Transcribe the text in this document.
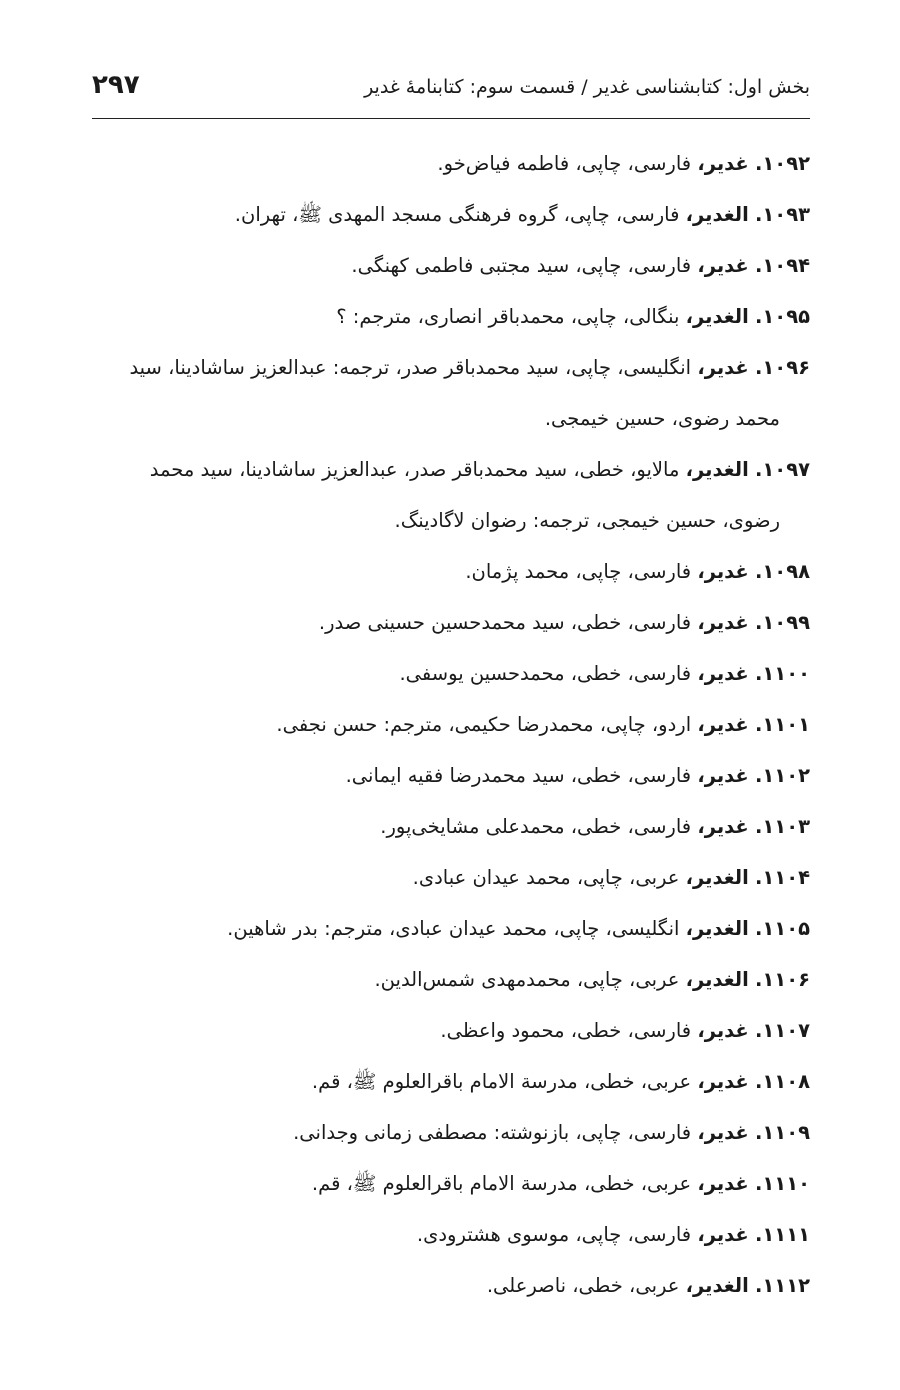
بخش اول: کتابشناسی غدیر / قسمت سوم: کتابنامهٔ غدیر
۲۹۷
۱۰۹۲. غدیر، فارسی، چاپی، فاطمه فیاض‌خو.
۱۰۹۳. الغدیر، فارسی، چاپی، گروه فرهنگی مسجد المهدی ﷺ، تهران.
۱۰۹۴. غدیر، فارسی، چاپی، سید مجتبی فاطمی کهنگی.
۱۰۹۵. الغدیر، بنگالی، چاپی، محمدباقر انصاری، مترجم: ؟
۱۰۹۶. غدیر، انگلیسی، چاپی، سید محمدباقر صدر، ترجمه: عبدالعزیز ساشادینا، سید محمد رضوی، حسین خیمجی.
۱۰۹۷. الغدیر، مالایو، خطی، سید محمدباقر صدر، عبدالعزیز ساشادینا، سید محمد رضوی، حسین خیمجی، ترجمه: رضوان لاگادینگ.
۱۰۹۸. غدیر، فارسی، چاپی، محمد پژمان.
۱۰۹۹. غدیر، فارسی، خطی، سید محمدحسین حسینی صدر.
۱۱۰۰. غدیر، فارسی، خطی، محمدحسین یوسفی.
۱۱۰۱. غدیر، اردو، چاپی، محمدرضا حکیمی، مترجم: حسن نجفی.
۱۱۰۲. غدیر، فارسی، خطی، سید محمدرضا فقیه ایمانی.
۱۱۰۳. غدیر، فارسی، خطی، محمدعلی مشایخی‌پور.
۱۱۰۴. الغدیر، عربی، چاپی، محمد عیدان عبادی.
۱۱۰۵. الغدیر، انگلیسی، چاپی، محمد عیدان عبادی، مترجم: بدر شاهین.
۱۱۰۶. الغدیر، عربی، چاپی، محمدمهدی شمس‌الدین.
۱۱۰۷. غدیر، فارسی، خطی، محمود واعظی.
۱۱۰۸. غدیر، عربی، خطی، مدرسة الامام باقرالعلوم ﷺ، قم.
۱۱۰۹. غدیر، فارسی، چاپی، بازنوشته: مصطفی زمانی وجدانی.
۱۱۱۰. غدیر، عربی، خطی، مدرسة الامام باقرالعلوم ﷺ، قم.
۱۱۱۱. غدیر، فارسی، چاپی، موسوی هشترودی.
۱۱۱۲. الغدیر، عربی، خطی، ناصرعلی.
